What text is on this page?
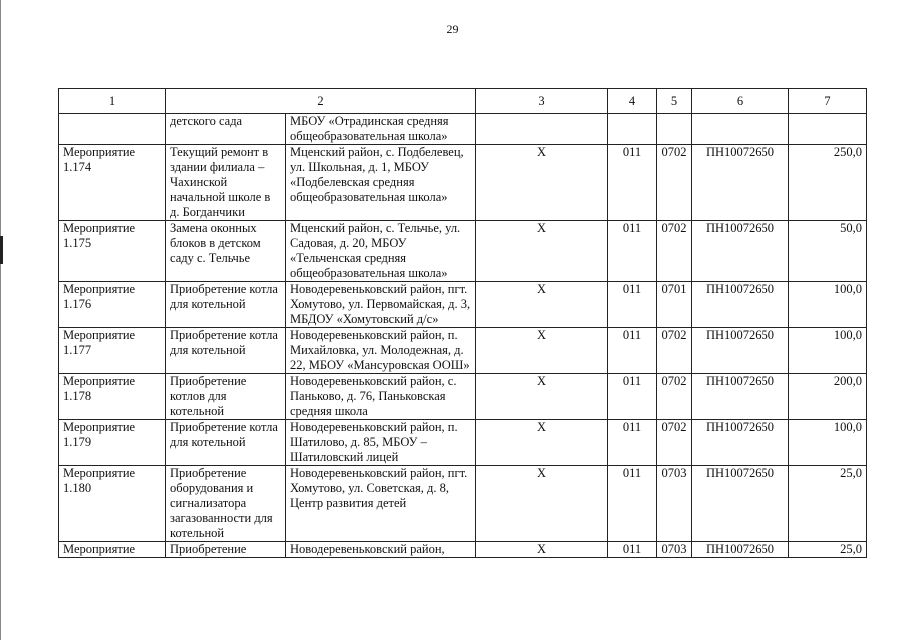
29
1	2		3	4	5	6	7
	детского сада	МБОУ «Отрадинская средняя общеобразовательная школа»					
Мероприятие 1.174	Текущий ремонт в здании филиала – Чахинской начальной школе в д. Богданчики	Мценский район, с. Подбелевец, ул. Школьная, д. 1, МБОУ «Подбелевская средняя общеобразовательная школа»	X	011	0702	ПН10072650	250,0
Мероприятие 1.175	Замена оконных блоков в детском саду с. Тельчье	Мценский район, с. Тельчье, ул. Садовая, д. 20, МБОУ «Тельченская средняя общеобразовательная школа»	X	011	0702	ПН10072650	50,0
Мероприятие 1.176	Приобретение котла для котельной	Новодеревеньковский район, пгт. Хомутово, ул. Первомайская, д. 3, МБДОУ «Хомутовский д/с»	X	011	0701	ПН10072650	100,0
Мероприятие 1.177	Приобретение котла для котельной	Новодеревеньковский район, п. Михайловка, ул. Молодежная, д. 22, МБОУ «Мансуровская ООШ»	X	011	0702	ПН10072650	100,0
Мероприятие 1.178	Приобретение котлов для котельной	Новодеревеньковский район, с. Паньково, д. 76, Паньковская средняя школа	X	011	0702	ПН10072650	200,0
Мероприятие 1.179	Приобретение котла для котельной	Новодеревеньковский район, п. Шатилово, д. 85, МБОУ – Шатиловский лицей	X	011	0702	ПН10072650	100,0
Мероприятие 1.180	Приобретение оборудования и сигнализатора загазованности для котельной	Новодеревеньковский район, пгт. Хомутово, ул. Советская, д. 8, Центр развития детей	X	011	0703	ПН10072650	25,0
Мероприятие	Приобретение	Новодеревеньковский район,	X	011	0703	ПН10072650	25,0
